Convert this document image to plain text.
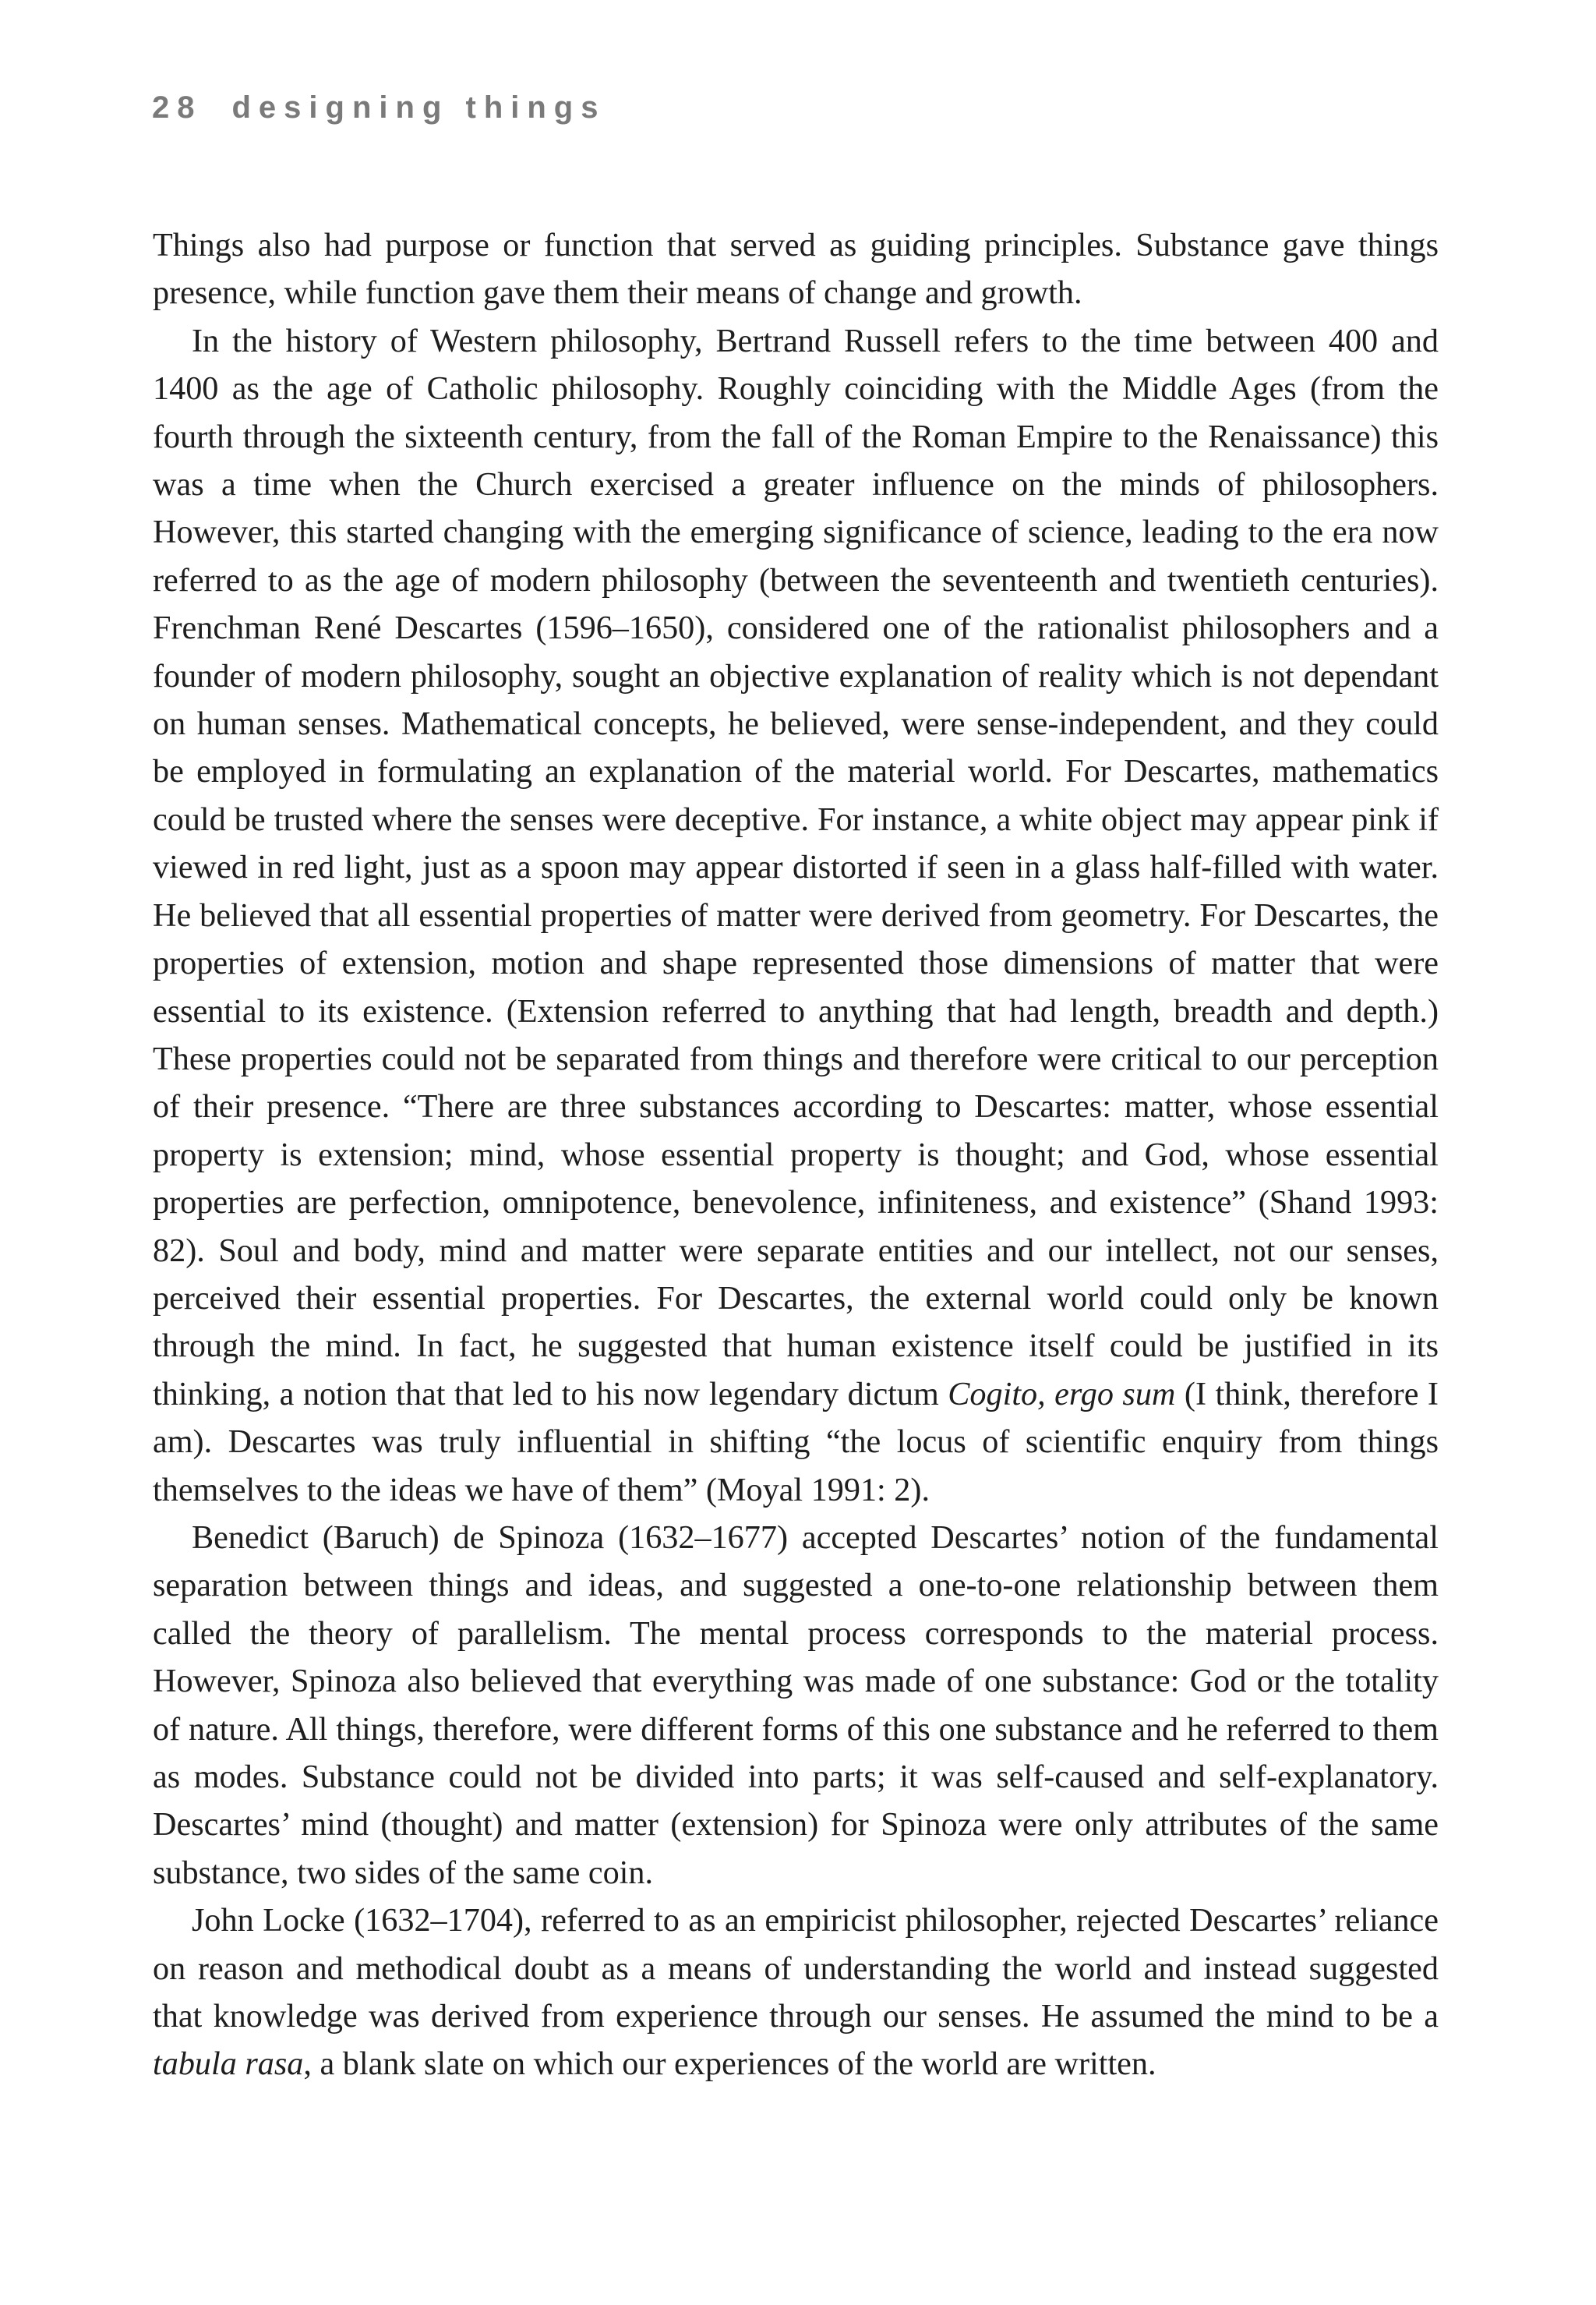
28 designing things

Things also had purpose or function that served as guiding principles. Substance gave things presence, while function gave them their means of change and growth.

In the history of Western philosophy, Bertrand Russell refers to the time between 400 and 1400 as the age of Catholic philosophy. Roughly coinciding with the Middle Ages (from the fourth through the sixteenth century, from the fall of the Roman Empire to the Renaissance) this was a time when the Church exercised a greater influence on the minds of philosophers. However, this started changing with the emerging significance of science, leading to the era now referred to as the age of modern philosophy (between the seventeenth and twentieth centuries). Frenchman René Descartes (1596–1650), considered one of the rationalist philosophers and a founder of modern philosophy, sought an objective explanation of reality which is not dependant on human senses. Mathematical concepts, he believed, were sense-independent, and they could be employed in formulating an explanation of the material world. For Descartes, mathematics could be trusted where the senses were deceptive. For instance, a white object may appear pink if viewed in red light, just as a spoon may appear distorted if seen in a glass half-filled with water. He believed that all essential properties of matter were derived from geometry. For Descartes, the properties of extension, motion and shape represented those dimensions of matter that were essential to its existence. (Extension referred to anything that had length, breadth and depth.) These properties could not be separated from things and therefore were critical to our perception of their presence. “There are three substances according to Descartes: matter, whose essential property is extension; mind, whose essential property is thought; and God, whose essential properties are perfection, omnipotence, benevolence, infiniteness, and existence” (Shand 1993: 82). Soul and body, mind and matter were separate entities and our intellect, not our senses, perceived their essential properties. For Descartes, the external world could only be known through the mind. In fact, he suggested that human existence itself could be justified in its thinking, a notion that that led to his now legendary dictum Cogito, ergo sum (I think, therefore I am). Descartes was truly influential in shifting “the locus of scientific enquiry from things themselves to the ideas we have of them” (Moyal 1991: 2).

Benedict (Baruch) de Spinoza (1632–1677) accepted Descartes’ notion of the fundamental separation between things and ideas, and suggested a one-to-one relationship between them called the theory of parallelism. The mental process corresponds to the material process. However, Spinoza also believed that everything was made of one substance: God or the totality of nature. All things, therefore, were different forms of this one substance and he referred to them as modes. Substance could not be divided into parts; it was self-caused and self-explanatory. Descartes’ mind (thought) and matter (extension) for Spinoza were only attributes of the same substance, two sides of the same coin.

John Locke (1632–1704), referred to as an empiricist philosopher, rejected Descartes’ reliance on reason and methodical doubt as a means of understanding the world and instead suggested that knowledge was derived from experience through our senses. He assumed the mind to be a tabula rasa, a blank slate on which our experiences of the world are written.
